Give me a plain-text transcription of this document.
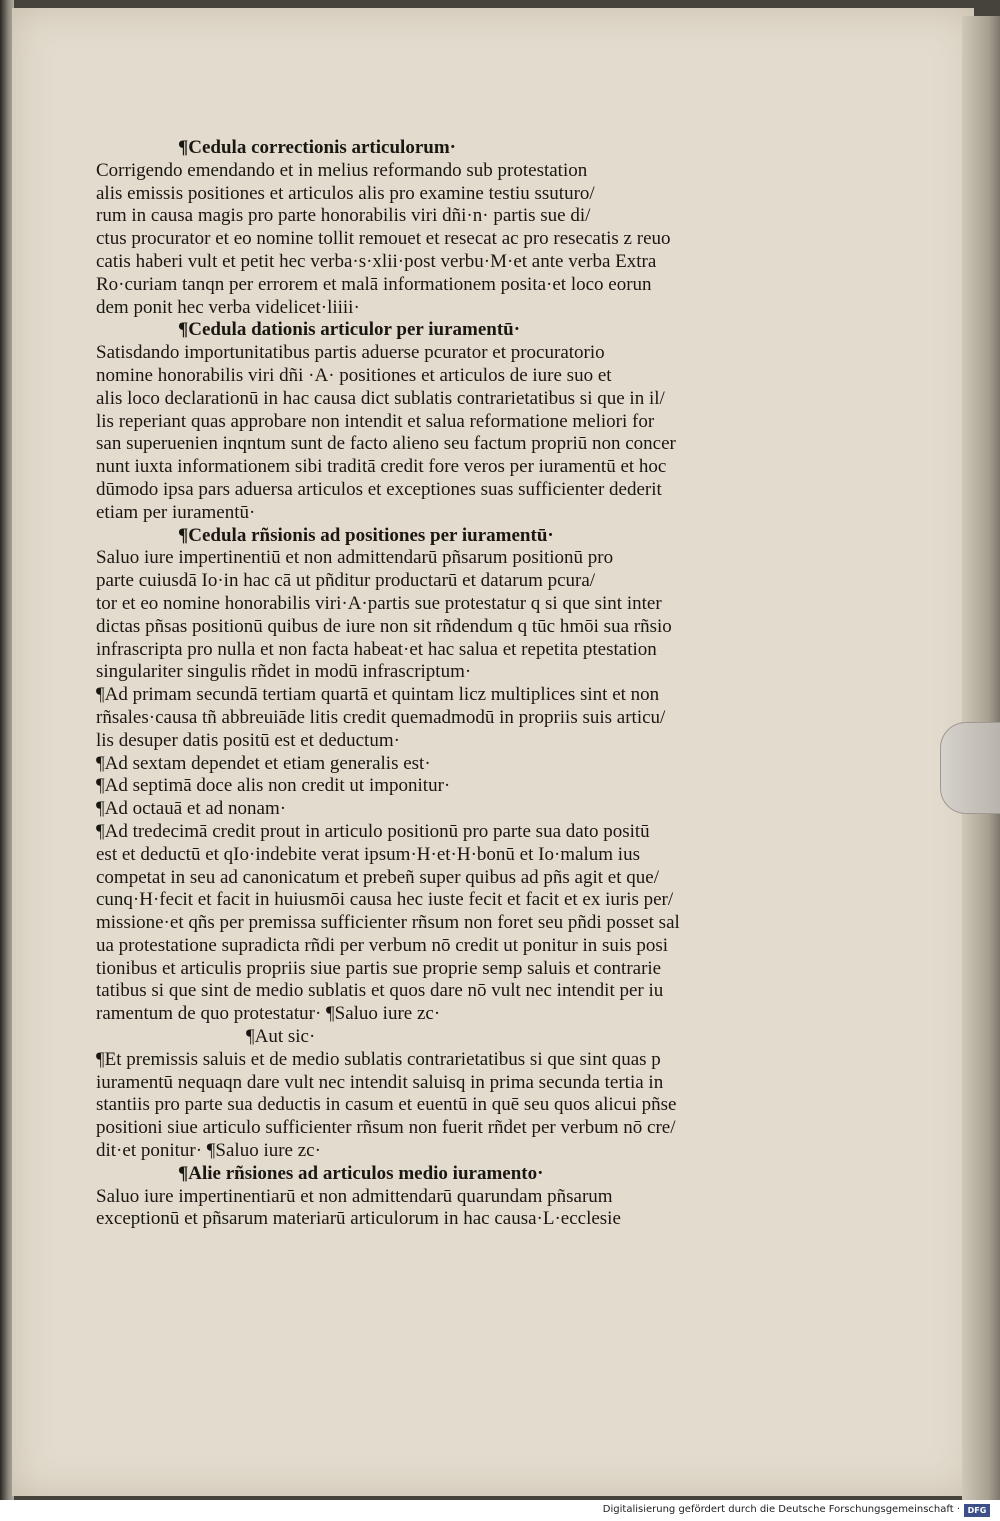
¶Cedula correctionis articulorum·
Corrigendo emendando et in melius reformando sub protestation
alis emissis positiones et articulos alis pro examine testiu ssuturo/
rum in causa magis pro parte honorabilis viri dñi·n· partis sue di/
ctus procurator et eo nomine tollit remouet et resecat ac pro resecatis z reuo
catis haberi vult et petit hec verba·s·xlii·post verbu·M·et ante verba Extra
Ro·curiam tanqn per errorem et malā informationem posita·et loco eorun
dem ponit hec verba videlicet·liiii·
¶Cedula dationis articulor per iuramentū·
Satisdando importunitatibus partis aduerse pcurator et procuratorio
nomine honorabilis viri dñi ·A· positiones et articulos de iure suo et
alis loco declarationū in hac causa dict sublatis contrarietatibus si que in il/
lis reperiant quas approbare non intendit et salua reformatione meliori for
san superuenien inqntum sunt de facto alieno seu factum propriū non concer
nunt iuxta informationem sibi traditā credit fore veros per iuramentū et hoc
dūmodo ipsa pars aduersa articulos et exceptiones suas sufficienter dederit
etiam per iuramentū·
¶Cedula rñsionis ad positiones per iuramentū·
Saluo iure impertinentiū et non admittendarū pñsarum positionū pro
parte cuiusdā Io·in hac cā ut pñditur productarū et datarum pcura/
tor et eo nomine honorabilis viri·A·partis sue protestatur q si que sint inter
dictas pñsas positionū quibus de iure non sit rñdendum q tūc hmōi sua rñsio
infrascripta pro nulla et non facta habeat·et hac salua et repetita ptestation
singulariter singulis rñdet in modū infrascriptum·
¶Ad primam secundā tertiam quartā et quintam licz multiplices sint et non
rñsales·causa tñ abbreuiāde litis credit quemadmodū in propriis suis articu/
lis desuper datis positū est et deductum·
¶Ad sextam dependet et etiam generalis est·
¶Ad septimā doce alis non credit ut imponitur·
¶Ad octauā et ad nonam·
¶Ad tredecimā credit prout in articulo positionū pro parte sua dato positū
est et deductū et qIo·indebite verat ipsum·H·et·H·bonū et Io·malum ius
competat in seu ad canonicatum et prebeñ super quibus ad pñs agit et que/
cunq·H·fecit et facit in huiusmōi causa hec iuste fecit et facit et ex iuris per/
missione·et qñs per premissa sufficienter rñsum non foret seu pñdi posset sal
ua protestatione supradicta rñdi per verbum nō credit ut ponitur in suis posi
tionibus et articulis propriis siue partis sue proprie semp saluis et contrarie
tatibus si que sint de medio sublatis et quos dare nō vult nec intendit per iu
ramentum de quo protestatur· ¶Saluo iure zc·
¶Aut sic·
¶Et premissis saluis et de medio sublatis contrarietatibus si que sint quas p
iuramentū nequaqn dare vult nec intendit saluisq in prima secunda tertia in
stantiis pro parte sua deductis in casum et euentū in quē seu quos alicui pñse
positioni siue articulo sufficienter rñsum non fuerit rñdet per verbum nō cre/
dit·et ponitur· ¶Saluo iure zc·
¶Alie rñsiones ad articulos medio iuramento·
Saluo iure impertinentiarū et non admittendarū quarundam pñsarum
exceptionū et pñsarum materiarū articulorum in hac causa·L·ecclesie
Digitalisierung gefördert durch die Deutsche Forschungsgemeinschaft · DFG
